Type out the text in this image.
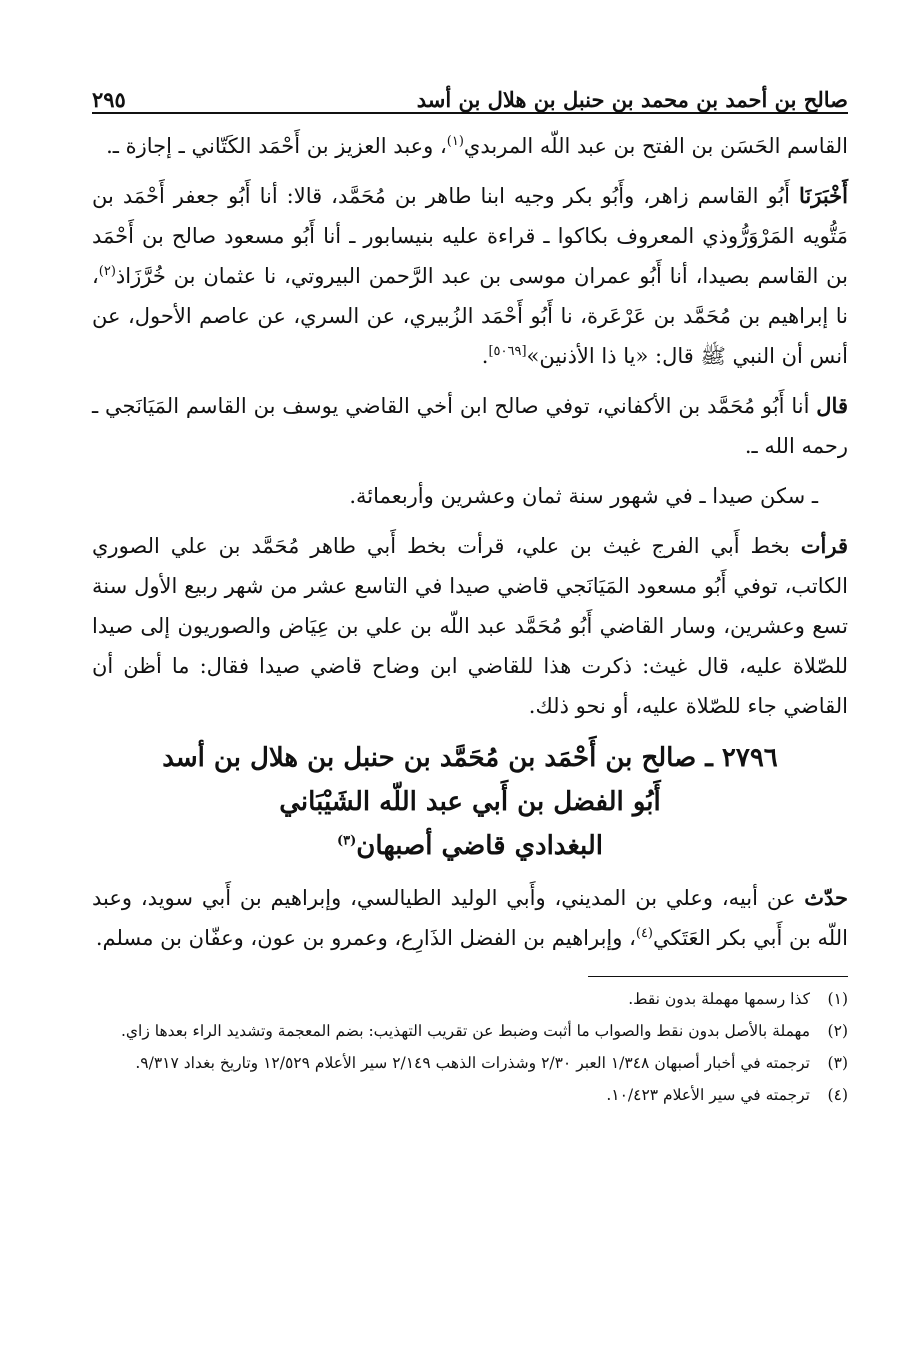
صالح بن أحمد بن محمد بن حنبل بن هلال بن أسد
٢٩٥

القاسم الحَسَن بن الفتح بن عبد اللّه المربدي$^{(١)}$، وعبد العزيز بن أَحْمَد الكَتّاني ـ إجازة ـ.

أَخْبَرَنَا أَبُو القاسم زاهر، وأَبُو بكر وجيه ابنا طاهر بن مُحَمَّد، قالا: أنا أَبُو جعفر أَحْمَد بن مَتُّويه المَرْوَرُّوذي المعروف بكاكوا ـ قراءة عليه بنيسابور ـ أنا أَبُو مسعود صالح بن أَحْمَد بن القاسم بصيدا، أنا أَبُو عمران موسى بن عبد الرَّحمن البيروتي، نا عثمان بن خُرَّزَاذ$^{(٢)}$، نا إبراهيم بن مُحَمَّد بن عَرْعَرة، نا أَبُو أَحْمَد الزُبيري، عن السري، عن عاصم الأحول، عن أنس أن النبي ﷺ قال: «يا ذا الأذنين»[٥٠٦٩].

قال أنا أَبُو مُحَمَّد بن الأكفاني، توفي صالح ابن أخي القاضي يوسف بن القاسم المَيَانَجي ـ رحمه الله ـ.

ـ سكن صيدا ـ في شهور سنة ثمان وعشرين وأربعمائة.

قرأت بخط أَبي الفرج غيث بن علي، قرأت بخط أَبي طاهر مُحَمَّد بن علي الصوري الكاتب، توفي أَبُو مسعود المَيَانَجي قاضي صيدا في التاسع عشر من شهر ربيع الأول سنة تسع وعشرين، وسار القاضي أَبُو مُحَمَّد عبد اللّه بن علي بن عِيَاض والصوريون إلى صيدا للصّلاة عليه، قال غيث: ذكرت هذا للقاضي ابن وضاح قاضي صيدا فقال: ما أظن أن القاضي جاء للصّلاة عليه، أو نحو ذلك.

٢٧٩٦ ـ صالح بن أَحْمَد بن مُحَمَّد بن حنبل بن هلال بن أسد
أَبُو الفضل بن أَبي عبد اللّه الشَيْبَاني
البغدادي قاضي أصبهان$^{(٣)}$

حدّث عن أبيه، وعلي بن المديني، وأَبي الوليد الطيالسي، وإبراهيم بن أَبي سويد، وعبد اللّه بن أَبي بكر العَتَكي$^{(٤)}$، وإبراهيم بن الفضل الذَارِع، وعمرو بن عون، وعفّان بن مسلم.

(١)
كذا رسمها مهملة بدون نقط.
(٢)
مهملة بالأصل بدون نقط والصواب ما أثبت وضبط عن تقريب التهذيب: بضم المعجمة وتشديد الراء بعدها زاي.
(٣)
ترجمته في أخبار أصبهان ١/٣٤٨ العبر ٢/٣٠ وشذرات الذهب ٢/١٤٩ سير الأعلام ١٢/٥٢٩ وتاريخ بغداد ٩/٣١٧.
(٤)
ترجمته في سير الأعلام ١٠/٤٢٣.
